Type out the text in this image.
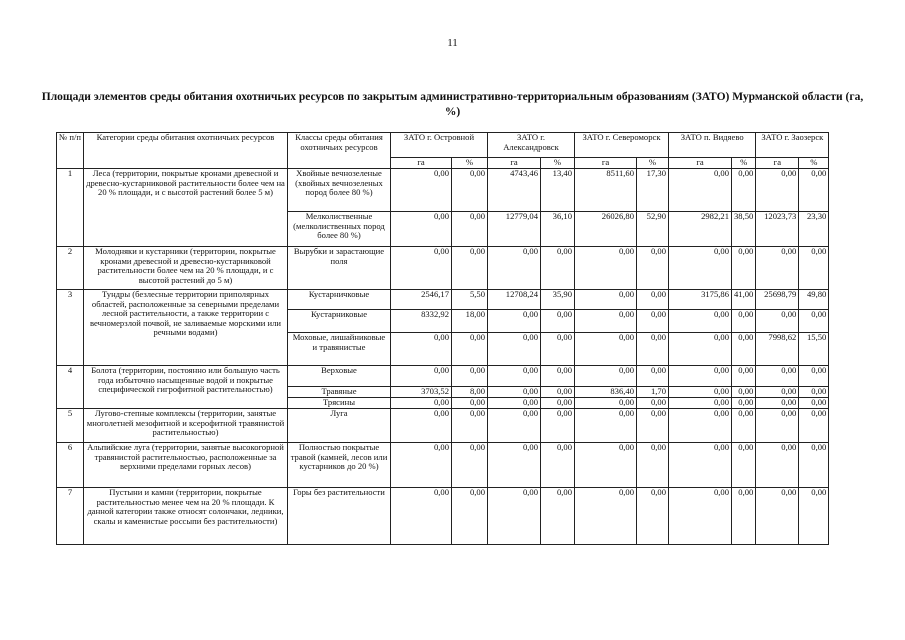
11
Площади элементов среды обитания охотничьих ресурсов по закрытым административно-территориальным образованиям (ЗАТО) Мурманской области (га, %)
№ п/п	Категории среды обитания охотничьих ресурсов	Классы среды обитания охотничьих ресурсов	ЗАТО г. Островной		ЗАТО г. Александровск		ЗАТО г. Североморск		ЗАТО п. Видяево		ЗАТО г. Заозерск	
			га	%	га	%	га	%	га	%	га	%
1	Леса (территории, покрытые кронами древесной и древесно-кустарниковой растительности более чем на 20 % площади, и с высотой растений более 5 м)	Хвойные вечнозеленые (хвойных вечнозеленых пород более 80 %)	0,00	0,00	4743,46	13,40	8511,60	17,30	0,00	0,00	0,00	0,00
		Мелколиственные (мелколиственных пород более 80 %)	0,00	0,00	12779,04	36,10	26026,80	52,90	2982,21	38,50	12023,73	23,30
2	Молодняки и кустарники (территории, покрытые кронами древесной и древесно-кустарниковой растительности более чем на 20 % площади, и с высотой растений до 5 м)	Вырубки и зарастающие поля	0,00	0,00	0,00	0,00	0,00	0,00	0,00	0,00	0,00	0,00
3	Тундры (безлесные территории приполярных областей, расположенные за северными пределами лесной растительности, а также территории с вечномерзлой почвой, не заливаемые морскими или речными водами)	Кустарничковые	2546,17	5,50	12708,24	35,90	0,00	0,00	3175,86	41,00	25698,79	49,80
		Кустарниковые	8332,92	18,00	0,00	0,00	0,00	0,00	0,00	0,00	0,00	0,00
		Моховые, лишайниковые и травянистые	0,00	0,00	0,00	0,00	0,00	0,00	0,00	0,00	7998,62	15,50
4	Болота (территории, постоянно или большую часть года избыточно насыщенные водой и покрытые специфической гигрофитной растительностью)	Верховые	0,00	0,00	0,00	0,00	0,00	0,00	0,00	0,00	0,00	0,00
		Травяные	3703,52	8,00	0,00	0,00	836,40	1,70	0,00	0,00	0,00	0,00
		Трясины	0,00	0,00	0,00	0,00	0,00	0,00	0,00	0,00	0,00	0,00
5	Лугово-степные комплексы (территории, занятые многолетней мезофитной и ксерофитной травянистой растительностью)	Луга	0,00	0,00	0,00	0,00	0,00	0,00	0,00	0,00	0,00	0,00
6	Альпийские луга (территории, занятые высокогорной травянистой растительностью, расположенные за верхними пределами горных лесов)	Полностью покрытые травой (камней, лесов или кустарников до 20 %)	0,00	0,00	0,00	0,00	0,00	0,00	0,00	0,00	0,00	0,00
7	Пустыни и камни (территории, покрытые растительностью менее чем на 20 % площади. К данной категории также относят солончаки, ледники, скалы и каменистые россыпи без растительности)	Горы без растительности	0,00	0,00	0,00	0,00	0,00	0,00	0,00	0,00	0,00	0,00
